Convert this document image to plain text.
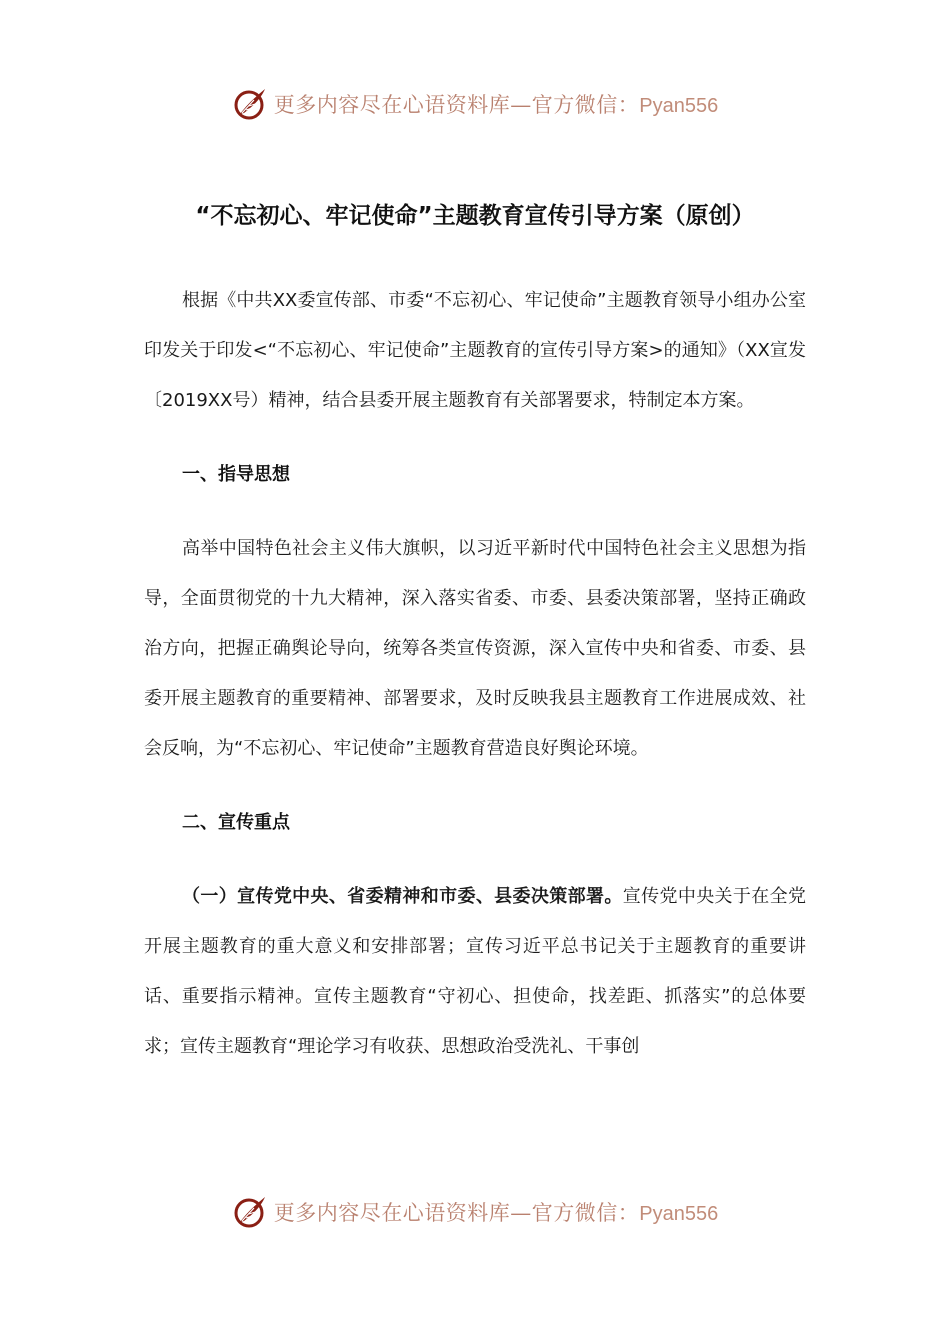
更多内容尽在心语资料库—官方微信：Pyan556
“不忘初心、牢记使命”主题教育宣传引导方案（原创）

根据《中共XX委宣传部、市委“不忘初心、牢记使命”主题教育领导小组办公室印发关于印发<“不忘初心、牢记使命”主题教育的宣传引导方案>的通知》（XX宣发〔2019XX号）精神，结合县委开展主题教育有关部署要求，特制定本方案。

一、指导思想

高举中国特色社会主义伟大旗帜，以习近平新时代中国特色社会主义思想为指导，全面贯彻党的十九大精神，深入落实省委、市委、县委决策部署，坚持正确政治方向，把握正确舆论导向，统筹各类宣传资源，深入宣传中央和省委、市委、县委开展主题教育的重要精神、部署要求，及时反映我县主题教育工作进展成效、社会反响，为“不忘初心、牢记使命”主题教育营造良好舆论环境。

二、宣传重点

（一）宣传党中央、省委精神和市委、县委决策部署。宣传党中央关于在全党开展主题教育的重大意义和安排部署；宣传习近平总书记关于主题教育的重要讲话、重要指示精神。宣传主题教育“守初心、担使命，找差距、抓落实”的总体要求；宣传主题教育“理论学习有收获、思想政治受洗礼、干事创

更多内容尽在心语资料库—官方微信：Pyan556
